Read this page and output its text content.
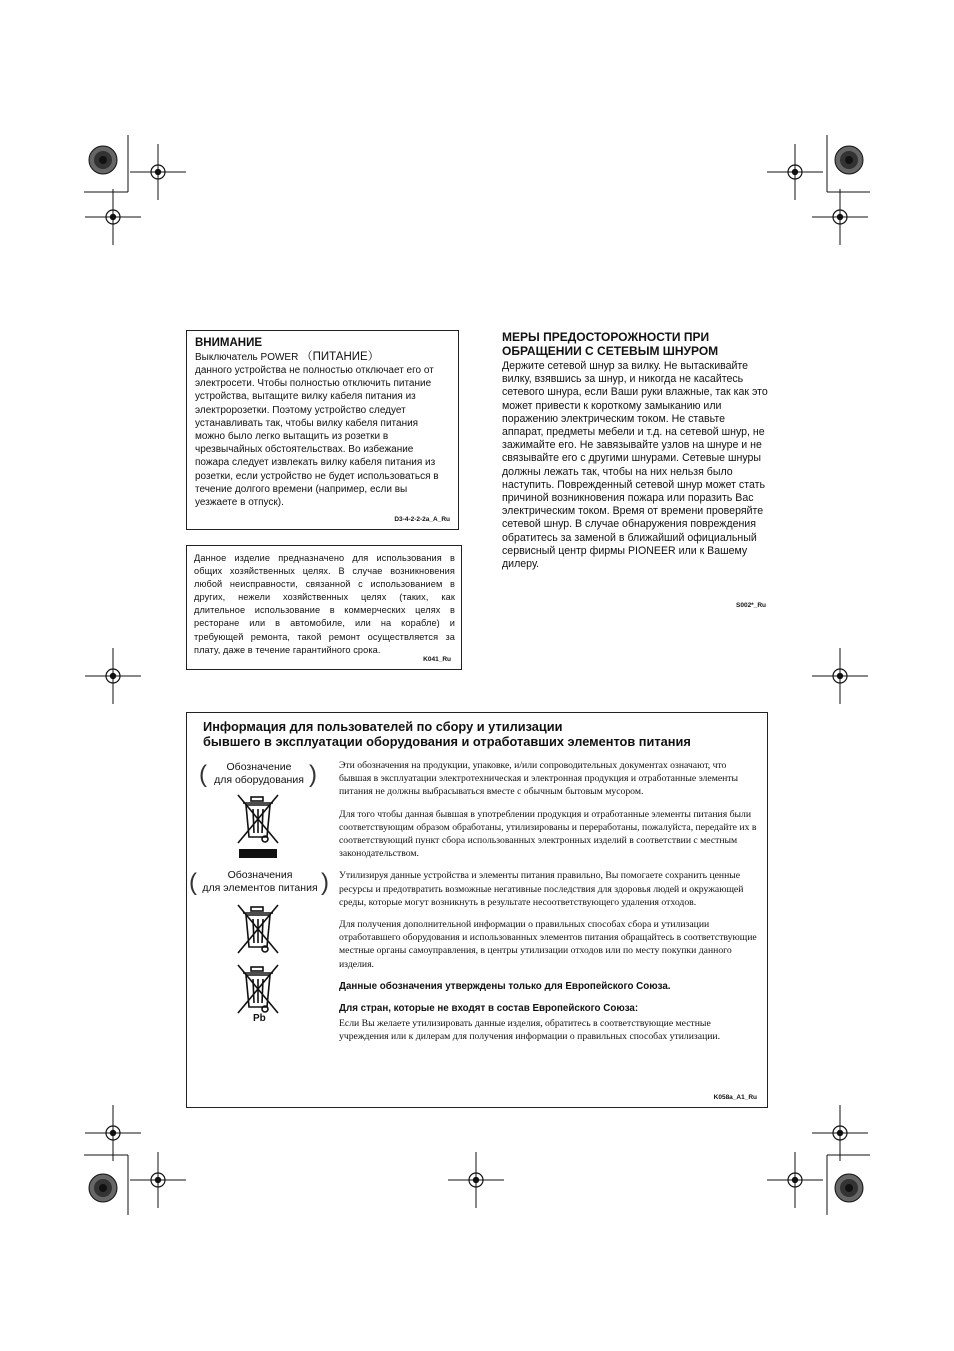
ВНИМАНИЕ
Выключатель POWER （ПИТАНИЕ）

данного устройства не полностью отключает его от электросети. Чтобы полностью отключить питание устройства, вытащите вилку кабеля питания из электророзетки. Поэтому устройство следует устанавливать так, чтобы вилку кабеля питания можно было легко вытащить из розетки в чрезвычайных обстоятельствах. Во избежание пожара следует извлекать вилку кабеля питания из розетки, если устройство не будет использоваться в течение долгого времени (например, если вы уезжаете в отпуск).

D3-4-2-2-2a_A_Ru

Данное изделие предназначено для использования в общих хозяйственных целях. В случае возникновения любой неисправности, связанной с использованием в других, нежели хозяйственных целях (таких, как длительное использование в коммерческих целях в ресторане или в автомобиле, или на корабле) и требующей ремонта, такой ремонт осуществляется за плату, даже в течение гарантийного срока.

K041_Ru
МЕРЫ ПРЕДОСТОРОЖНОСТИ ПРИ
ОБРАЩЕНИИ С СЕТЕВЫМ ШНУРОМ

Держите сетевой шнур за вилку. Не вытаскивайте вилку, взявшись за шнур, и никогда не касайтесь сетевого шнура, если Ваши руки влажные, так как это может привести к короткому замыканию или поражению электрическим током. Не ставьте аппарат, предметы мебели и т.д. на сетевой шнур, не зажимайте его. Не завязывайте узлов на шнуре и не связывайте его с другими шнурами. Сетевые шнуры должны лежать так, чтобы на них нельзя было наступить. Поврежденный сетевой шнур может стать причиной возникновения пожара или поразить Вас электрическим током. Время от времени проверяйте сетевой шнур. В случае обнаружения повреждения обратитесь за заменой в ближайший официальный сервисный центр фирмы PIONEER или к Вашему дилеру.

S002*_Ru
Информация для пользователей по сбору и утилизации
бывшего в эксплуатации оборудования и отработавших элементов питания
(	Обозначение
для оборудования )
(	Обозначения
для элементов питания )
Pb

Эти обозначения на продукции, упаковке, и/или сопроводительных документах означают, что бывшая в эксплуатации электротехническая и электронная продукция и отработанные элементы питания не должны выбрасываться вместе с обычным бытовым мусором.

Для того чтобы данная бывшая в употреблении продукция и отработанные элементы питания были соответствующим образом обработаны, утилизированы и переработаны, пожалуйста, передайте их в соответствующий пункт сбора использованных электронных изделий в соответствии с местным законодательством.

Утилизируя данные устройства и элементы питания правильно, Вы помогаете сохранить ценные ресурсы и предотвратить возможные негативные последствия для здоровья людей и окружающей среды, которые могут возникнуть в результате несоответствующего удаления отходов.

Для получения дополнительной информации о правильных способах сбора и утилизации отработавшего оборудования и использованных элементов питания обращайтесь в соответствующие местные органы самоуправления, в центры утилизации отходов или по месту покупки данного изделия.

Данные обозначения утверждены только для Европейского Союза.

Для стран, которые не входят в состав Европейского Союза:

Если Вы желаете утилизировать данные изделия, обратитесь в соответствующие местные учреждения или к дилерам для получения информации о правильных способах утилизации.

K058a_A1_Ru
